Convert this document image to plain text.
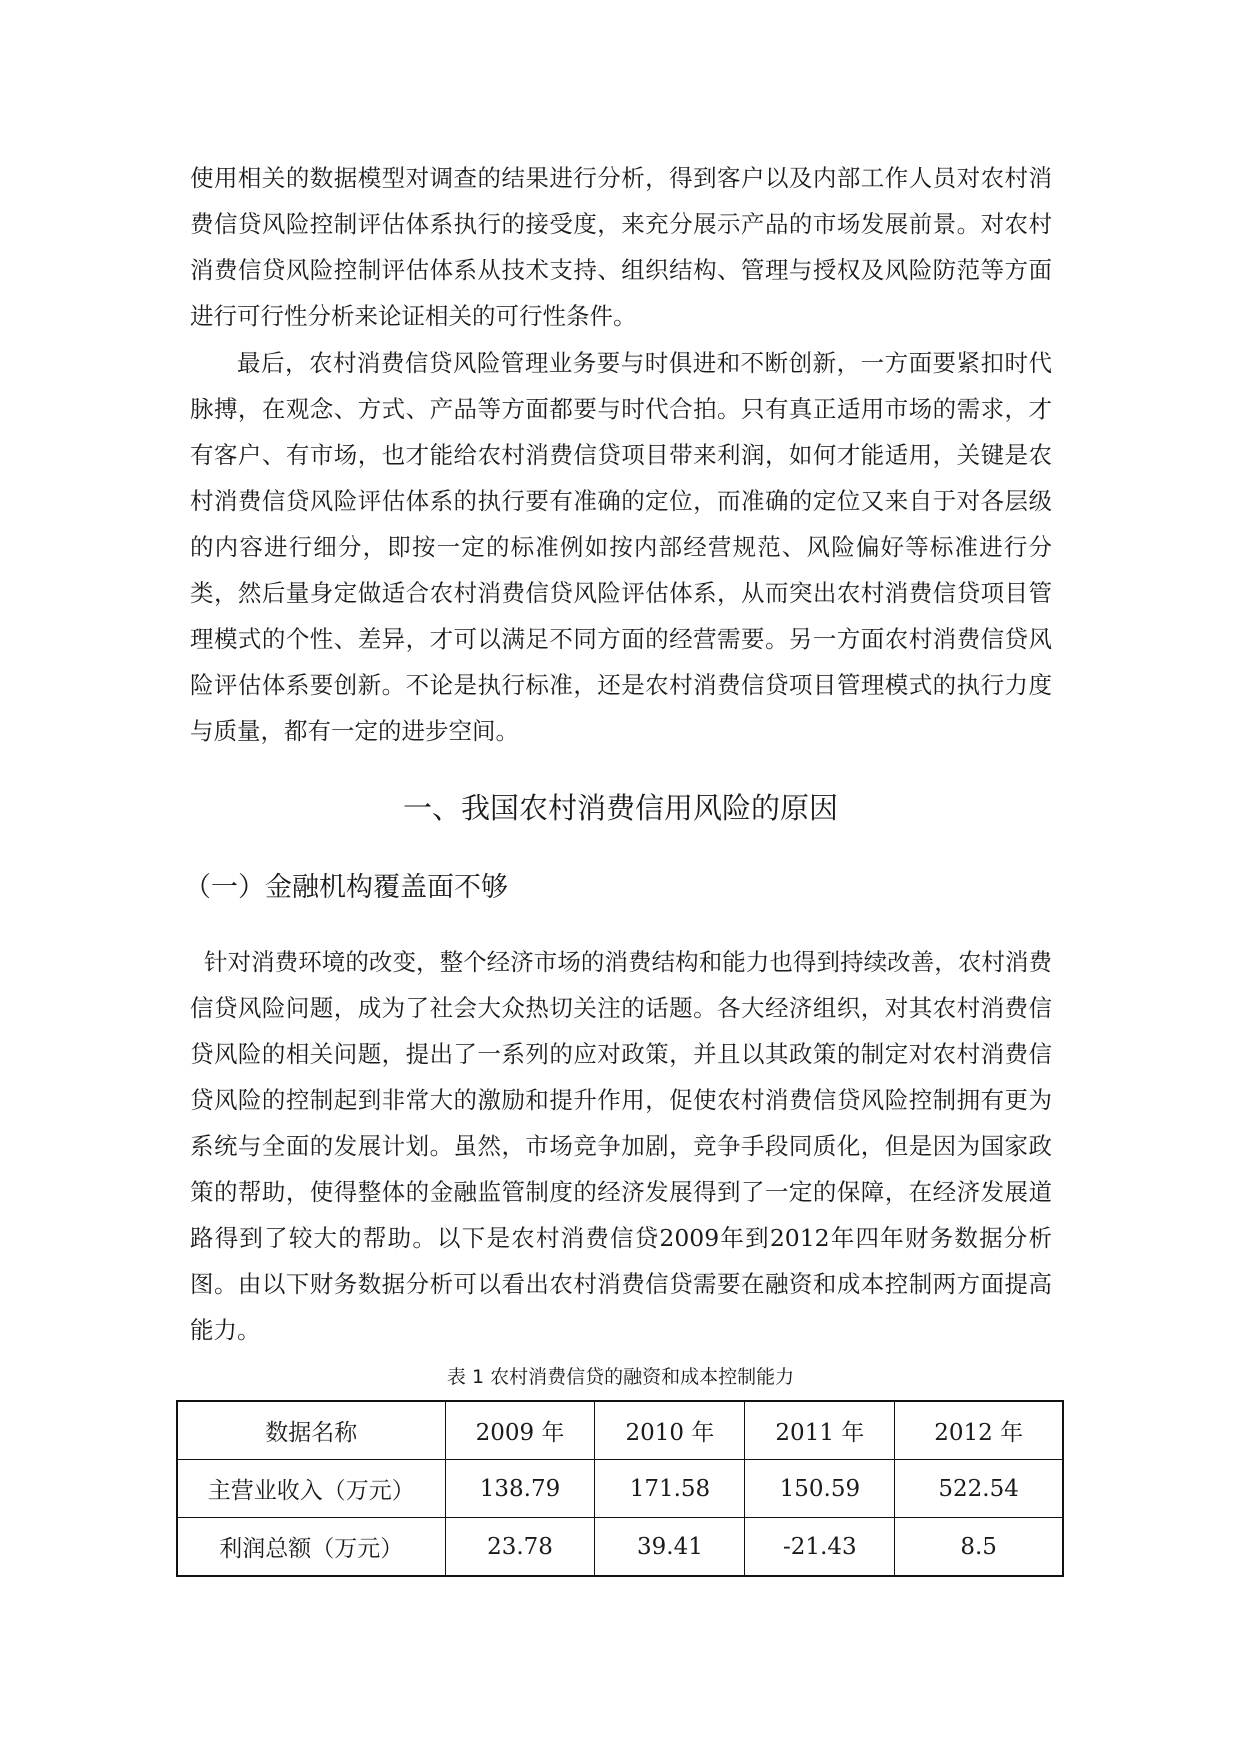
使用相关的数据模型对调查的结果进行分析，得到客户以及内部工作人员对农村消费信贷风险控制评估体系执行的接受度，来充分展示产品的市场发展前景。对农村消费信贷风险控制评估体系从技术支持、组织结构、管理与授权及风险防范等方面进行可行性分析来论证相关的可行性条件。

最后，农村消费信贷风险管理业务要与时俱进和不断创新，一方面要紧扣时代脉搏，在观念、方式、产品等方面都要与时代合拍。只有真正适用市场的需求，才有客户、有市场，也才能给农村消费信贷项目带来利润，如何才能适用，关键是农村消费信贷风险评估体系的执行要有准确的定位，而准确的定位又来自于对各层级的内容进行细分，即按一定的标准例如按内部经营规范、风险偏好等标准进行分类，然后量身定做适合农村消费信贷风险评估体系，从而突出农村消费信贷项目管理模式的个性、差异，才可以满足不同方面的经营需要。另一方面农村消费信贷风险评估体系要创新。不论是执行标准，还是农村消费信贷项目管理模式的执行力度与质量，都有一定的进步空间。

一、我国农村消费信用风险的原因
（一）金融机构覆盖面不够

针对消费环境的改变，整个经济市场的消费结构和能力也得到持续改善，农村消费信贷风险问题，成为了社会大众热切关注的话题。各大经济组织，对其农村消费信贷风险的相关问题，提出了一系列的应对政策，并且以其政策的制定对农村消费信贷风险的控制起到非常大的激励和提升作用，促使农村消费信贷风险控制拥有更为系统与全面的发展计划。虽然，市场竞争加剧，竞争手段同质化，但是因为国家政策的帮助，使得整体的金融监管制度的经济发展得到了一定的保障，在经济发展道路得到了较大的帮助。以下是农村消费信贷2009年到2012年四年财务数据分析图。由以下财务数据分析可以看出农村消费信贷需要在融资和成本控制两方面提高能力。

表 1 农村消费信贷的融资和成本控制能力
数据名称	2009 年	2010 年	2011 年	2012 年
主营业收入（万元）	138.79	171.58	150.59	522.54
利润总额（万元）	23.78	39.41	-21.43	8.5
